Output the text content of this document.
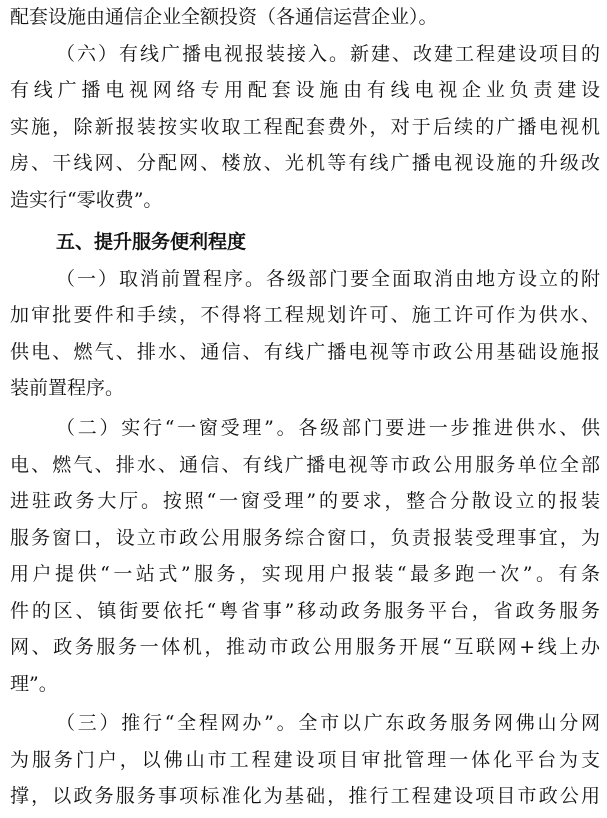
配套设施由通信企业全额投资（各通信运营企业）。
（六）有线广播电视报装接入。新建、改建工程建设项目的
有线广播电视网络专用配套设施由有线电视企业负责建设
实施，除新报装按实收取工程配套费外，对于后续的广播电视机
房、干线网、分配网、楼放、光机等有线广播电视设施的升级改
造实行“零收费”。
五、提升服务便利程度
（一）取消前置程序。各级部门要全面取消由地方设立的附
加审批要件和手续，不得将工程规划许可、施工许可作为供水、
供电、燃气、排水、通信、有线广播电视等市政公用基础设施报
装前置程序。
（二）实行“一窗受理”。各级部门要进一步推进供水、供
电、燃气、排水、通信、有线广播电视等市政公用服务单位全部
进驻政务大厅。按照“一窗受理”的要求，整合分散设立的报装
服务窗口，设立市政公用服务综合窗口，负责报装受理事宜，为
用户提供“一站式”服务，实现用户报装“最多跑一次”。有条
件的区、镇街要依托“粤省事”移动政务服务平台，省政务服务
网、政务服务一体机，推动市政公用服务开展“互联网+线上办
理”。
（三）推行“全程网办”。全市以广东政务服务网佛山分网
为服务门户，以佛山市工程建设项目审批管理一体化平台为支
撑，以政务服务事项标准化为基础，推行工程建设项目市政公用
